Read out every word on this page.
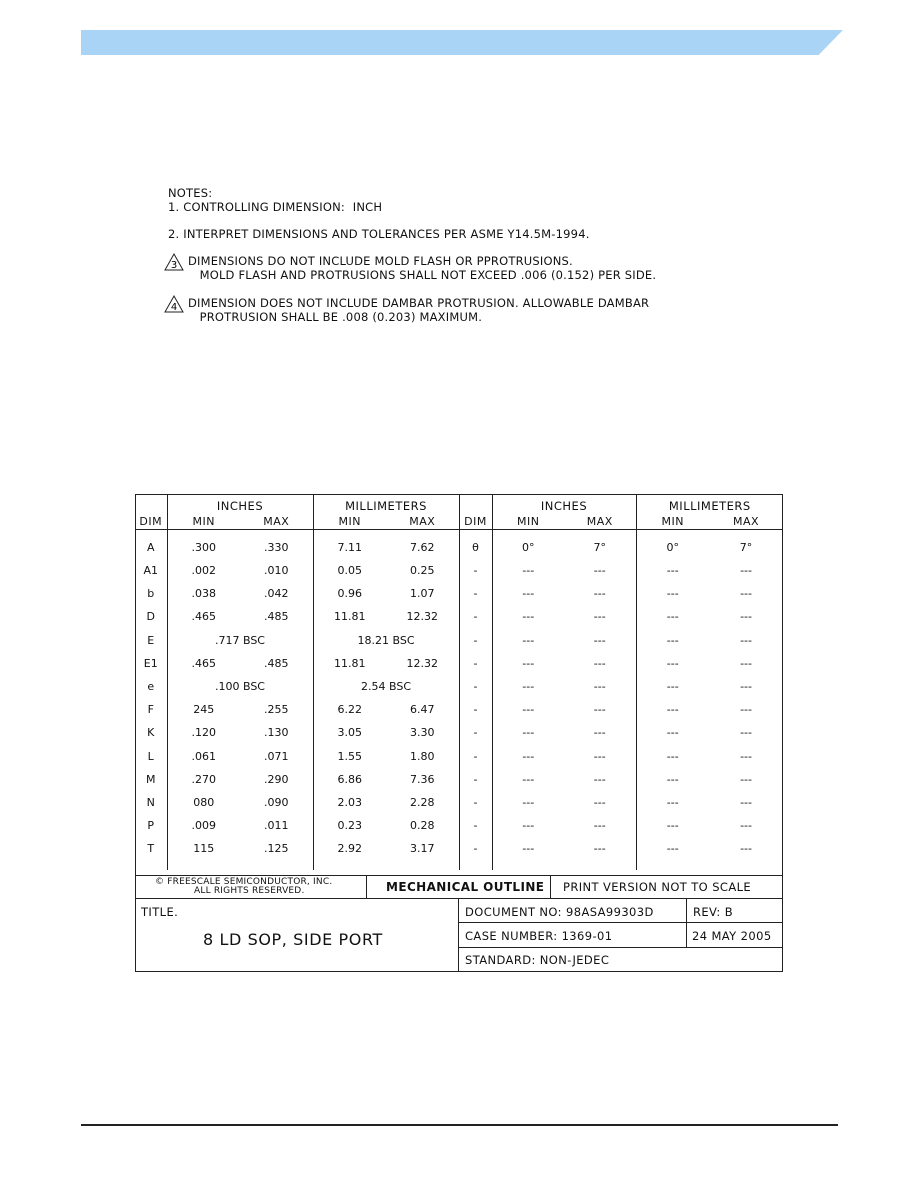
NOTES:
1. CONTROLLING DIMENSION:  INCH
2. INTERPRET DIMENSIONS AND TOLERANCES PER ASME Y14.5M-1994.
DIMENSIONS DO NOT INCLUDE MOLD FLASH OR PPROTRUSIONS.
MOLD FLASH AND PROTRUSIONS SHALL NOT EXCEED .006 (0.152) PER SIDE.
DIMENSION DOES NOT INCLUDE DAMBAR PROTRUSION. ALLOWABLE DAMBAR
PROTRUSION SHALL BE .008 (0.203) MAXIMUM.
3
4
	INCHES		MILLIMETERS			INCHES		MILLIMETERS	
DIM	MIN	MAX	MIN	MAX	DIM	MIN	MAX	MIN	MAX
A	.300	.330	7.11	7.62	θ	0°	7°	0°	7°
A1	.002	.010	0.05	0.25	-	---	---	---	---
b	.038	.042	0.96	1.07	-	---	---	---	---
D	.465	.485	11.81	12.32	-	---	---	---	---
E	.717 BSC		18.21 BSC		-	---	---	---	---
E1	.465	.485	11.81	12.32	-	---	---	---	---
e	.100 BSC		2.54 BSC		-	---	---	---	---
F	245	.255	6.22	6.47	-	---	---	---	---
K	.120	.130	3.05	3.30	-	---	---	---	---
L	.061	.071	1.55	1.80	-	---	---	---	---
M	.270	.290	6.86	7.36	-	---	---	---	---
N	080	.090	2.03	2.28	-	---	---	---	---
P	.009	.011	0.23	0.28	-	---	---	---	---
T	115	.125	2.92	3.17	-	---	---	---	---
© FREESCALE SEMICONDUCTOR, INC.
ALL RIGHTS RESERVED.	MECHANICAL OUTLINE PRINT VERSION NOT TO SCALE
TITLE.
8 LD SOP, SIDE PORT
DOCUMENT NO: 98ASA99303D	REV: B
CASE NUMBER: 1369-01	24 MAY 2005
STANDARD: NON-JEDEC
